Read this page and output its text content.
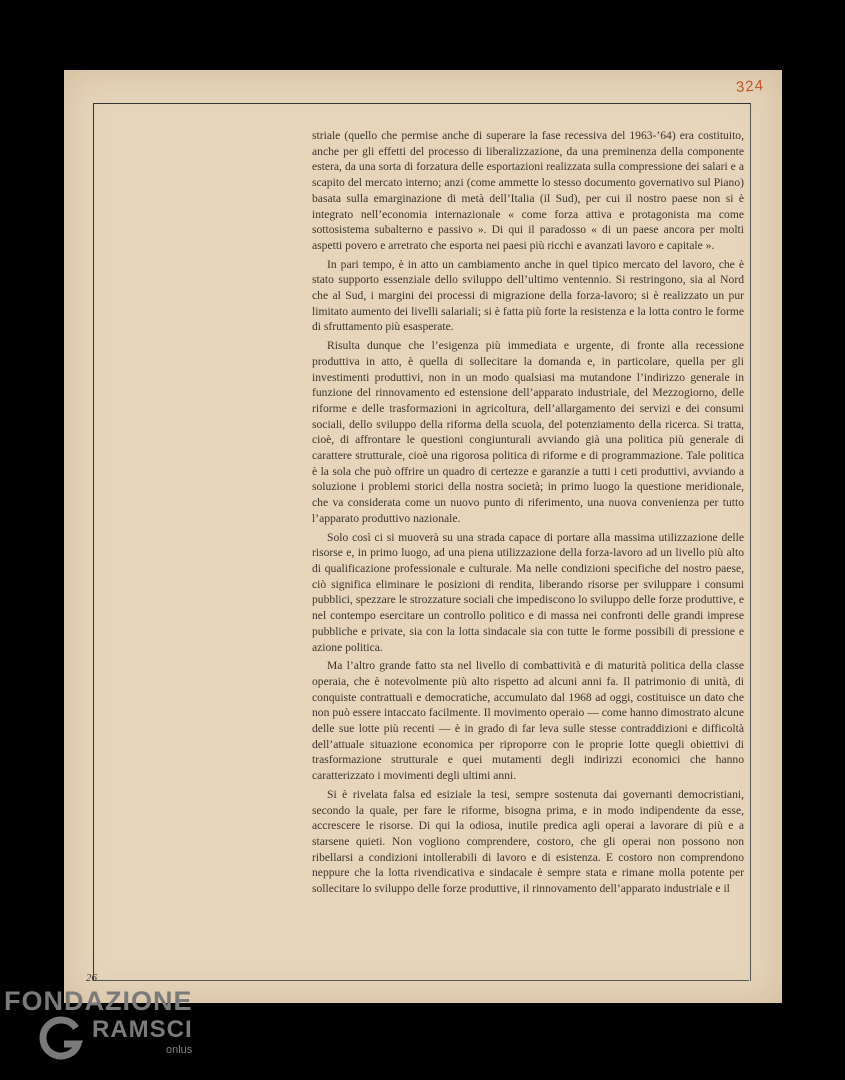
324

striale (quello che permise anche di superare la fase recessiva del 1963-’64) era costituito, anche per gli effetti del processo di liberalizzazione, da una preminenza della componente estera, da una sorta di forzatura delle esportazioni realizzata sulla compressione dei salari e a scapito del mercato interno; anzi (come ammette lo stesso documento governativo sul Piano) basata sulla emarginazione di metà dell’Italia (il Sud), per cui il nostro paese non si è integrato nell’economia internazionale « come forza attiva e protagonista ma come sottosistema subalterno e passivo ». Di qui il paradosso « di un paese ancora per molti aspetti povero e arretrato che esporta nei paesi più ricchi e avanzati lavoro e capitale ».

In pari tempo, è in atto un cambiamento anche in quel tipico mercato del lavoro, che è stato supporto essenziale dello sviluppo dell’ultimo ventennio. Si restringono, sia al Nord che al Sud, i margini dei processi di migrazione della forza-lavoro; si è realizzato un pur limitato aumento dei livelli salariali; si è fatta più forte la resistenza e la lotta contro le forme di sfruttamento più esasperate.

Risulta dunque che l’esigenza più immediata e urgente, di fronte alla recessione produttiva in atto, è quella di sollecitare la domanda e, in particolare, quella per gli investimenti produttivi, non in un modo qualsiasi ma mutandone l’indirizzo generale in funzione del rinnovamento ed estensione dell’apparato industriale, del Mezzogiorno, delle riforme e delle trasformazioni in agricoltura, dell’allargamento dei servizi e dei consumi sociali, dello sviluppo della riforma della scuola, del potenziamento della ricerca. Si tratta, cioè, di affrontare le questioni congiunturali avviando già una politica più generale di carattere strutturale, cioè una rigorosa politica di riforme e di programmazione. Tale politica è la sola che può offrire un quadro di certezze e garanzie a tutti i ceti produttivi, avviando a soluzione i problemi storici della nostra società; in primo luogo la questione meridionale, che va considerata come un nuovo punto di riferimento, una nuova convenienza per tutto l’apparato produttivo nazionale.

Solo così ci si muoverà su una strada capace di portare alla massima utilizzazione delle risorse e, in primo luogo, ad una piena utilizzazione della forza-lavoro ad un livello più alto di qualificazione professionale e culturale. Ma nelle condizioni specifiche del nostro paese, ciò significa eliminare le posizioni di rendita, liberando risorse per sviluppare i consumi pubblici, spezzare le strozzature sociali che impediscono lo sviluppo delle forze produttive, e nel contempo esercitare un controllo politico e di massa nei confronti delle grandi imprese pubbliche e private, sia con la lotta sindacale sia con tutte le forme possibili di pressione e azione politica.

Ma l’altro grande fatto sta nel livello di combattività e di maturità politica della classe operaia, che è notevolmente più alto rispetto ad alcuni anni fa. Il patrimonio di unità, di conquiste contrattuali e democratiche, accumulato dal 1968 ad oggi, costituisce un dato che non può essere intaccato facilmente. Il movimento operaio — come hanno dimostrato alcune delle sue lotte più recenti — è in grado di far leva sulle stesse contraddizioni e difficoltà dell’attuale situazione economica per riproporre con le proprie lotte quegli obiettivi di trasformazione strutturale e quei mutamenti degli indirizzi economici che hanno caratterizzato i movimenti degli ultimi anni.

Si è rivelata falsa ed esiziale la tesi, sempre sostenuta dai governanti democristiani, secondo la quale, per fare le riforme, bisogna prima, e in modo indipendente da esse, accrescere le risorse. Di qui la odiosa, inutile predica agli operai a lavorare di più e a starsene quieti. Non vogliono comprendere, costoro, che gli operai non possono non ribellarsi a condizioni intollerabili di lavoro e di esistenza. E costoro non comprendono neppure che la lotta rivendicativa e sindacale è sempre stata e rimane molla potente per sollecitare lo sviluppo delle forze produttive, il rinnovamento dell’apparato industriale e il

26
FONDAZIONE
RAMSCI
onlus
